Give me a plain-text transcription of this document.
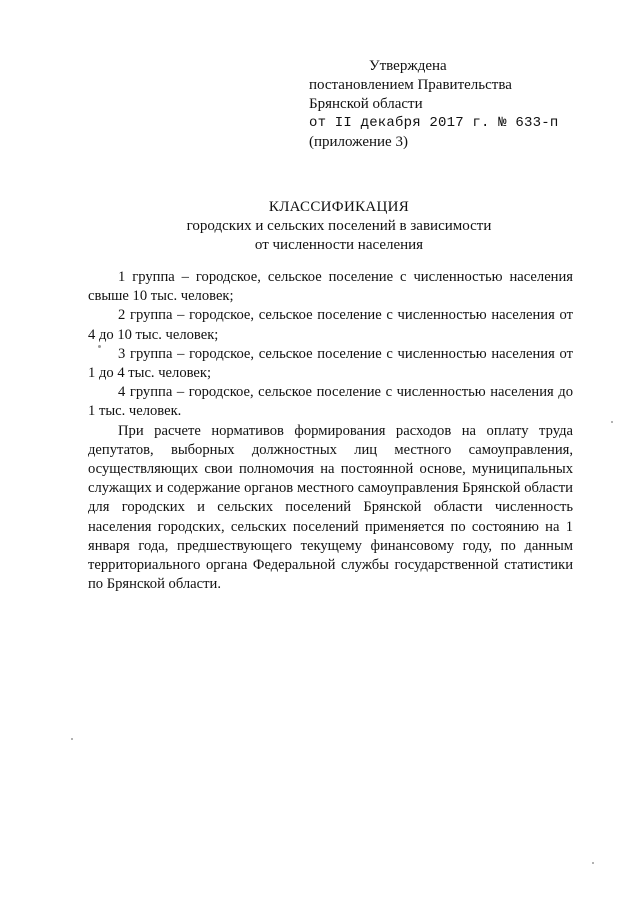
Утверждена
постановлением Правительства
Брянской области
от II декабря 2017 г. № 633-п
(приложение 3)
КЛАССИФИКАЦИЯ
городских и сельских поселений в зависимости
от численности населения

1 группа – городское, сельское поселение с численностью населения свыше 10 тыс. человек;

2 группа – городское, сельское поселение с численностью населения от 4 до 10 тыс. человек;

3 группа – городское, сельское поселение с численностью населения от 1 до 4 тыс. человек;

4 группа – городское, сельское поселение с численностью населения до 1 тыс. человек.

При расчете нормативов формирования расходов на оплату труда депутатов, выборных должностных лиц местного самоуправления, осуществляющих свои полномочия на постоянной основе, муниципальных служащих и содержание органов местного самоуправления Брянской области для городских и сельских поселений Брянской области численность населения городских, сельских поселений применяется по состоянию на 1 января года, предшествующего текущему финансовому году, по данным территориального органа Федеральной службы государственной статистики по Брянской области.
